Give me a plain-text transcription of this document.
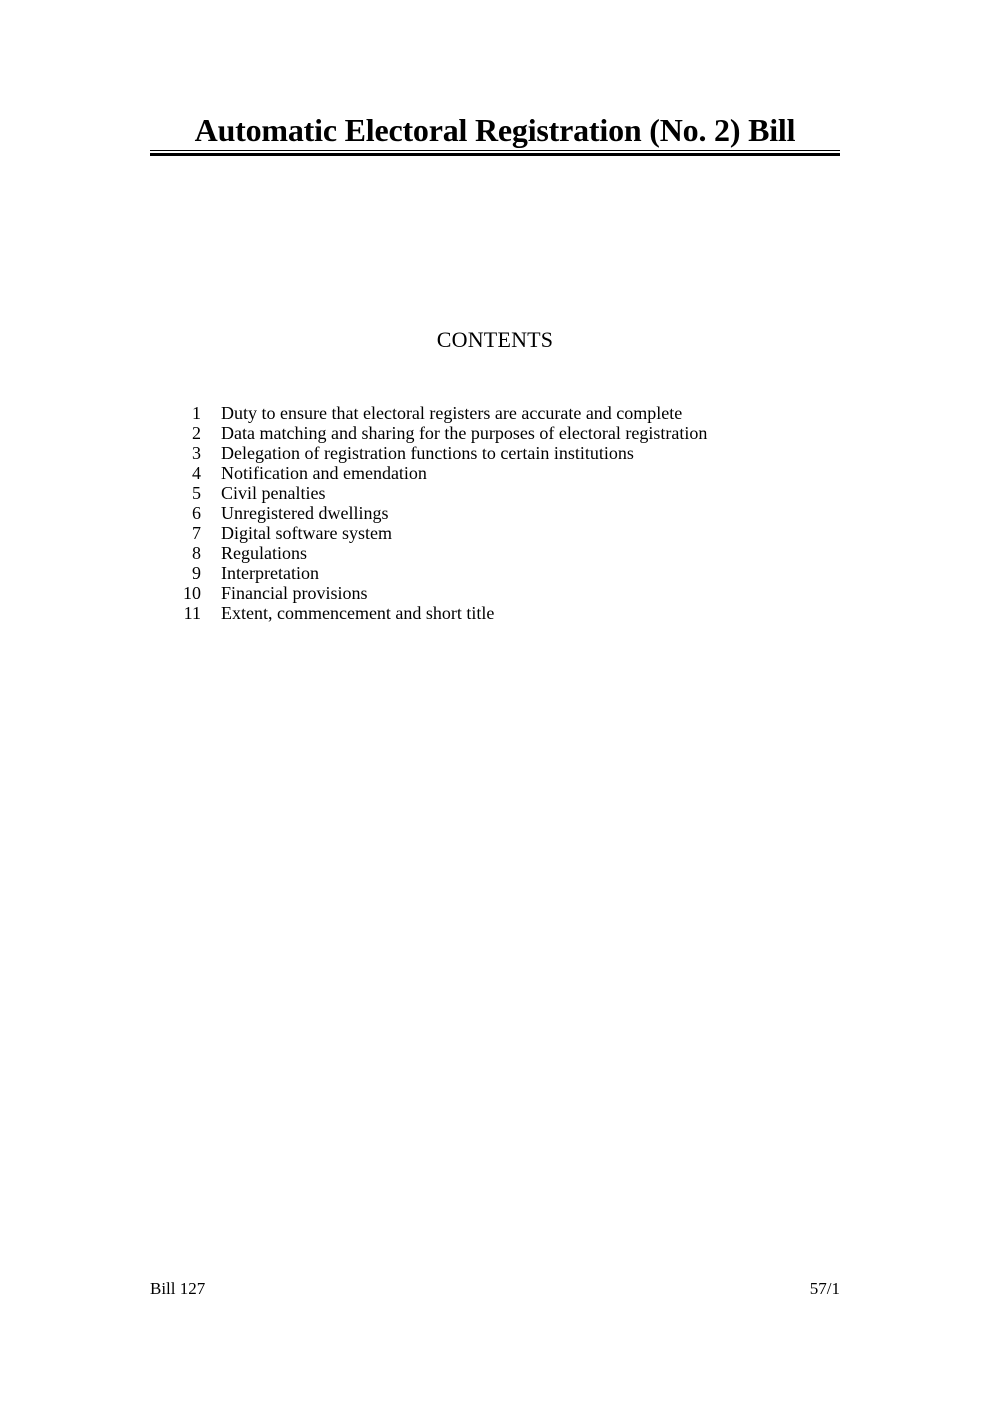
Automatic Electoral Registration (No. 2) Bill
CONTENTS
1 Duty to ensure that electoral registers are accurate and complete
2 Data matching and sharing for the purposes of electoral registration
3 Delegation of registration functions to certain institutions
4 Notification and emendation
5 Civil penalties
6 Unregistered dwellings
7 Digital software system
8 Regulations
9 Interpretation
10 Financial provisions
11 Extent, commencement and short title
Bill 127	57/1
